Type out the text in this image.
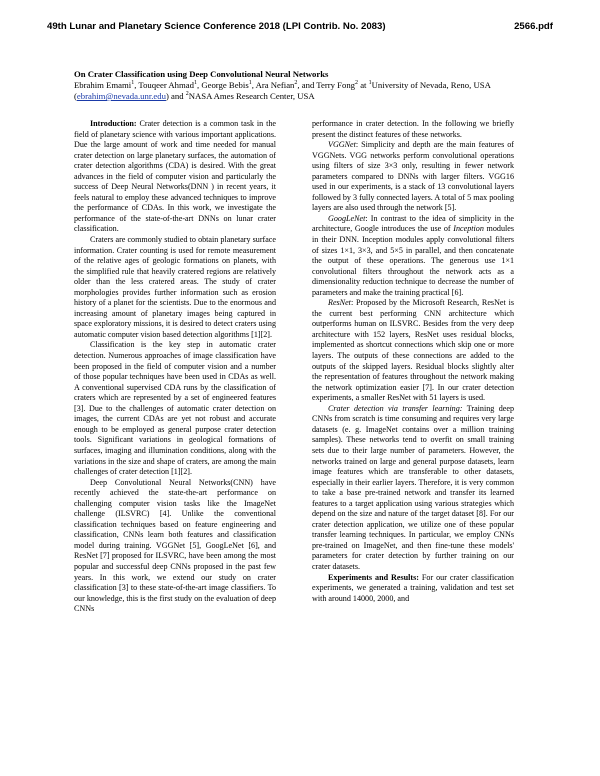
49th Lunar and Planetary Science Conference 2018 (LPI Contrib. No. 2083)	2566.pdf
On Crater Classification using Deep Convolutional Neural Networks
Ebrahim Emami$^1$, Touqeer Ahmad$^1$, George Bebis$^1$, Ara Nefian$^2$, and Terry Fong$^2$ at $^1$University of Nevada, Reno, USA (ebrahim@nevada.unr.edu) and $^2$NASA Ames Research Center, USA

Introduction: Crater detection is a common task in the field of planetary science with various important applications. Due the large amount of work and time needed for manual crater detection on large planetary surfaces, the automation of crater detection algorithms (CDA) is desired. With the great advances in the field of computer vision and particularly the success of Deep Neural Networks(DNN ) in recent years, it feels natural to employ these advanced techniques to improve the performance of CDAs. In this work, we investigate the performance of the state-of-the-art DNNs on lunar crater classification.

Craters are commonly studied to obtain planetary surface information. Crater counting is used for remote measurement of the relative ages of geologic formations on planets, with the simplified rule that heavily cratered regions are relatively older than the less cratered areas. The study of crater morphologies provides further information such as erosion history of a planet for the scientists. Due to the enormous and increasing amount of planetary images being captured in space exploratory missions, it is desired to detect craters using automatic computer vision based detection algorithms [1][2].

Classification is the key step in automatic crater detection. Numerous approaches of image classification have been proposed in the field of computer vision and a number of those popular techniques have been used in CDAs as well. A conventional supervised CDA runs by the classification of craters which are represented by a set of engineered features [3]. Due to the challenges of automatic crater detection on images, the current CDAs are yet not robust and accurate enough to be employed as general purpose crater detection tools. Significant variations in geological formations of surfaces, imaging and illumination conditions, along with the variations in the size and shape of craters, are among the main challenges of crater detection [1][2].

Deep Convolutional Neural Networks(CNN) have recently achieved the state-the-art performance on challenging computer vision tasks like the ImageNet challenge (ILSVRC) [4]. Unlike the conventional classification techniques based on feature engineering and classification, CNNs learn both features and classification model during training. VGGNet [5], GoogLeNet [6], and ResNet [7] proposed for ILSVRC, have been among the most popular and successful deep CNNs proposed in the past few years. In this work, we extend our study on crater classification [3] to these state-of-the-art image classifiers. To our knowledge, this is the first study on the evaluation of deep CNNs

performance in crater detection. In the following we briefly present the distinct features of these networks.

VGGNet: Simplicity and depth are the main features of VGGNets. VGG networks perform convolutional operations using filters of size 3×3 only, resulting in fewer network parameters compared to DNNs with larger filters. VGG16 used in our experiments, is a stack of 13 convolutional layers followed by 3 fully connected layers. A total of 5 max pooling layers are also used through the network [5].

GoogLeNet: In contrast to the idea of simplicity in the architecture, Google introduces the use of Inception modules in their DNN. Inception modules apply convolutional filters of sizes 1×1, 3×3, and 5×5 in parallel, and then concatenate the output of these operations. The generous use 1×1 convolutional filters throughout the network acts as a dimensionality reduction technique to decrease the number of parameters and make the training practical [6].

ResNet: Proposed by the Microsoft Research, ResNet is the current best performing CNN architecture which outperforms human on ILSVRC. Besides from the very deep architecture with 152 layers, ResNet uses residual blocks, implemented as shortcut connections which skip one or more layers. The outputs of these connections are added to the outputs of the skipped layers. Residual blocks slightly alter the representation of features throughout the network making the network optimization easier [7]. In our crater detection experiments, a smaller ResNet with 51 layers is used.

Crater detection via transfer learning: Training deep CNNs from scratch is time consuming and requires very large datasets (e. g. ImageNet contains over a million training samples). These networks tend to overfit on small training sets due to their large number of parameters. However, the networks trained on large and general purpose datasets, learn image features which are transferable to other datasets, especially in their earlier layers. Therefore, it is very common to take a base pre-trained network and transfer its learned features to a target application using various strategies which depend on the size and nature of the target dataset [8]. For our crater detection application, we utilize one of these popular transfer learning techniques. In particular, we employ CNNs pre-trained on ImageNet, and then fine-tune these models' parameters for crater detection by further training on our crater datasets.

Experiments and Results: For our crater classification experiments, we generated a training, validation and test set with around 14000, 2000, and
